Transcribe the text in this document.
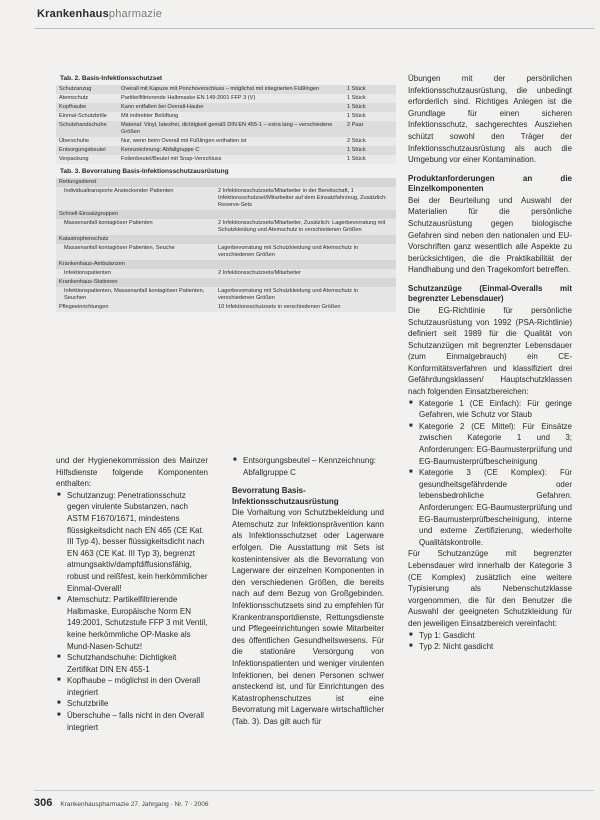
Krankenhauspharmazie
Tab. 2. Basis-Infektionsschutzset
Schutzanzug	Overall mit Kapuze mit Ponchoverschluss – möglichst mit integrierten Füßlingen	1 Stück
Atemschutz	Partikelfiltrierende Halbmaske EN 149:2001 FFP 3 (V)	1 Stück
Kopfhaube	Kann entfallen bei Overall-Haube	1 Stück
Einmal-Schutzbrille	Mit indirekter Belüftung	1 Stück
Schutzhandschuhe	Material: Vinyl, latexfrei, dichtigkeit gemäß DIN EN 455-1 – extra lang – verschiedene Größen	2 Paar
Überschuhe	Nur, wenn beim Overall mit Füßlingen enthalten ist	2 Stück
Entsorgungsbeutel	Kennzeichnung: Abfallgruppe C	1 Stück
Verpackung	Folienbeutel/Beutel mit Snap-Verschluss	1 Stück
Tab. 3. Bevorratung Basis-Infektionsschutzausrüstung
Rettungsdienst	
Individualtransporte Ansteckender Patienten	2 Infektionsschutzsets/Mitarbeiter in der Bereitschaft, 1 Infektionsschutzset/Mitarbeiter auf dem Einsatzfahrzeug, Zusätzlich: Reserve-Sets
Schnell-Einsatzgruppen	
Massenanfall kontagiöser Patienten	2 Infektionsschutzsets/Mitarbeiter, Zusätzlich: Lagerbevorratung mit Schutzkleidung und Atemschutz in verschiedenen Größen
Katastrophenschutz	
Massenanfall kontagiöser Patienten, Seuche	Lagerbevorratung mit Schutzkleidung und Atemschutz in verschiedenen Größen
Krankenhaus-Ambulanzen	
Infektionspatienten	2 Infektionsschutzsets/Mitarbeiter
Krankenhaus-Stationen	
Infektionspatienten, Massenanfall kontagiöser Patienten, Seuchen	Lagerbevorratung mit Schutzkleidung und Atemschutz in verschiedenen Größen
Pflegeeinrichtungen	10 Infektionsschutzsets in verschiedenen Größen

und der Hygienekommission des Mainzer Hilfsdienste folgende Komponenten enthalten:

■ Schutzanzug: Penetrationsschutz gegen virulente Substanzen, nach ASTM F1670/1671, mindestens flüssigkeitsdicht nach EN 465 (CE Kat. III Typ 4), besser flüssigkeitsdicht nach EN 463 (CE Kat. III Typ 3), begrenzt atmungsaktiv/dampfdiffusionsfähig, robust und reißfest, kein herkömmlicher Einmal-Overall!
■ Atemschutz: Partikelfiltrierende Halbmaske, Europäische Norm EN 149:2001, Schutzstufe FFP 3 mit Ventil, keine herkömmliche OP-Maske als Mund-Nasen-Schutz!
■ Schutzhandschuhe: Dichtigkeit Zertifikat DIN EN 455-1
■ Kopfhaube – möglichst in den Overall integriert
■ Schutzbrille
■ Überschuhe – falls nicht in den Overall integriert
■ Entsorgungsbeutel – Kennzeichnung: Abfallgruppe C
Bevorratung Basis-Infektionsschutzausrüstung

Die Vorhaltung von Schutzbekleidung und Atemschutz zur Infektionsprävention kann als Infektionsschutzset oder Lagerware erfolgen. Die Ausstattung mit Sets ist kostenintensiver als die Bevorratung von Lagerware der einzelnen Komponenten in den verschiedenen Größen, die bereits nach auf dem Bezug von Großgebinden. Infektionsschutzsets sind zu empfehlen für Krankentransportdienste, Rettungsdienste und Pflegeeinrichtungen sowie Mitarbeiter des öffentlichen Gesundheitswesens. Für die stationäre Versorgung von Infektionspatienten und weniger virulenten Infektionen, bei denen Personen schwer ansteckend ist, und für Einrichtungen des Katastrophenschutzes ist eine Bevorratung mit Lagerware wirtschaftlicher (Tab. 3). Das gilt auch für

Übungen mit der persönlichen Infektionsschutzausrüstung, die unbedingt erforderlich sind. Richtiges Anlegen ist die Grundlage für einen sicheren Infektionsschutz, sachgerechtes Ausziehen schützt sowohl den Träger der Infektionsschutzausrüstung als auch die Umgebung vor einer Kontamination.

Produktanforderungen an die Einzelkomponenten

Bei der Beurteilung und Auswahl der Materialien für die persönliche Schutzausrüstung gegen biologische Gefahren sind neben den nationalen und EU-Vorschriften ganz wesentlich alle Aspekte zu berücksichtigen, die die Praktikabilität der Handhabung und den Tragekomfort betreffen.

Schutzanzüge (Einmal-Overalls mit begrenzter Lebensdauer)

Die EG-Richtlinie für persönliche Schutzausrüstung von 1992 (PSA-Richtlinie) definiert seit 1989 für die Qualität von Schutzanzügen mit begrenzter Lebensdauer (zum Einmalgebrauch) ein CE-Konformitätsverfahren und klassifiziert drei Gefährdungsklassen/ Hauptschutzklassen nach folgenden Einsatzbereichen:

■ Kategorie 1 (CE Einfach): Für geringe Gefahren, wie Schutz vor Staub
■ Kategorie 2 (CE Mittel): Für Einsätze zwischen Kategorie 1 und 3; Anforderungen: EG-Baumusterprüfung und EG-Baumusterprüfbescheinigung
■ Kategorie 3 (CE Komplex): Für gesundheitsgefährdende oder lebensbedrohliche Gefahren. Anforderungen: EG-Baumusterprüfung und EG-Baumusterprüfbescheinigung, interne und externe Zertifizierung, wiederholte Qualitätskontrolle.

Für Schutzanzüge mit begrenzter Lebensdauer wird innerhalb der Kategorie 3 (CE Komplex) zusätzlich eine weitere Typisierung als Nebenschutzklasse vorgenommen, die für den Benutzer die Auswahl der geeigneten Schutzkleidung für den jeweiligen Einsatzbereich vereinfacht:

■ Typ 1: Gasdicht
■ Typ 2: Nicht gasdicht
306 Krankenhauspharmazie 27. Jahrgang · Nr. 7 · 2006
